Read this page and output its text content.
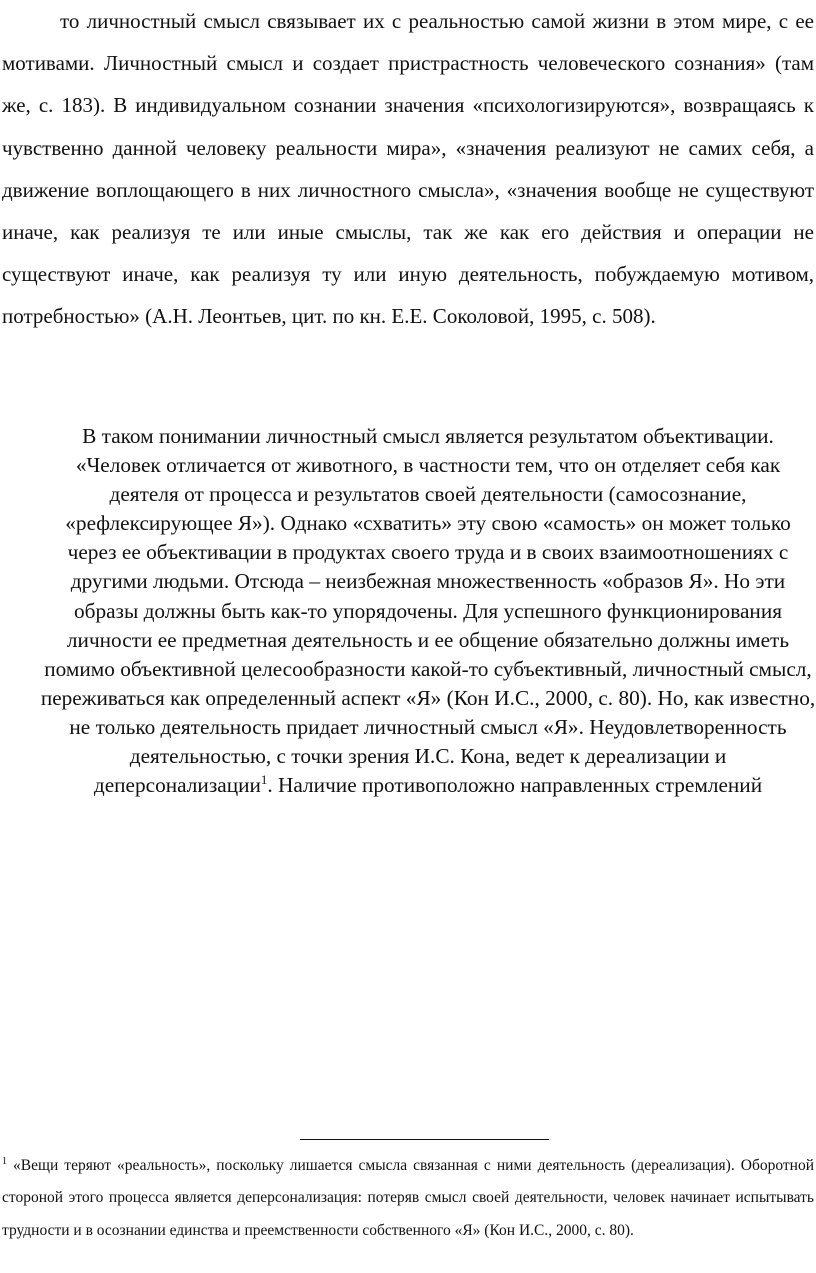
то личностный смысл связывает их с реальностью самой жизни в этом мире, с ее мотивами. Личностный смысл и создает пристрастность человеческого сознания» (там же, с. 183). В индивидуальном сознании значения «психологизируются», возвращаясь к чувственно данной человеку реальности мира», «значения реализуют не самих себя, а движение воплощающего в них личностного смысла», «значения вообще не существуют иначе, как реализуя те или иные смыслы, так же как его действия и операции не существуют иначе, как реализуя ту или иную деятельность, побуждаемую мотивом, потребностью» (А.Н. Леонтьев, цит. по кн. Е.Е. Соколовой, 1995, с. 508).

В таком понимании личностный смысл является результатом объективации. «Человек отличается от животного, в частности тем, что он отделяет себя как деятеля от процесса и результатов своей деятельности (самосознание, «рефлексирующее Я»). Однако «схватить» эту свою «самость» он может только через ее объективации в продуктах своего труда и в своих взаимоотношениях с другими людьми. Отсюда – неизбежная множественность «образов Я». Но эти образы должны быть как-то упорядочены. Для успешного функционирования личности ее предметная деятельность и ее общение обязательно должны иметь помимо объективной целесообразности какой-то субъективный, личностный смысл, переживаться как определенный аспект «Я» (Кон И.С., 2000, с. 80). Но, как известно, не только деятельность придает личностный смысл «Я». Неудовлетворенность деятельностью, с точки зрения И.С. Кона, ведет к дереализации и деперсонализации$^1$. Наличие противоположно направленных стремлений

$^1$ «Вещи теряют «реальность», поскольку лишается смысла связанная с ними деятельность (дереализация). Оборотной стороной этого процесса является деперсонализация: потеряв смысл своей деятельности, человек начинает испытывать трудности и в осознании единства и преемственности собственного «Я» (Кон И.С., 2000, с. 80).
